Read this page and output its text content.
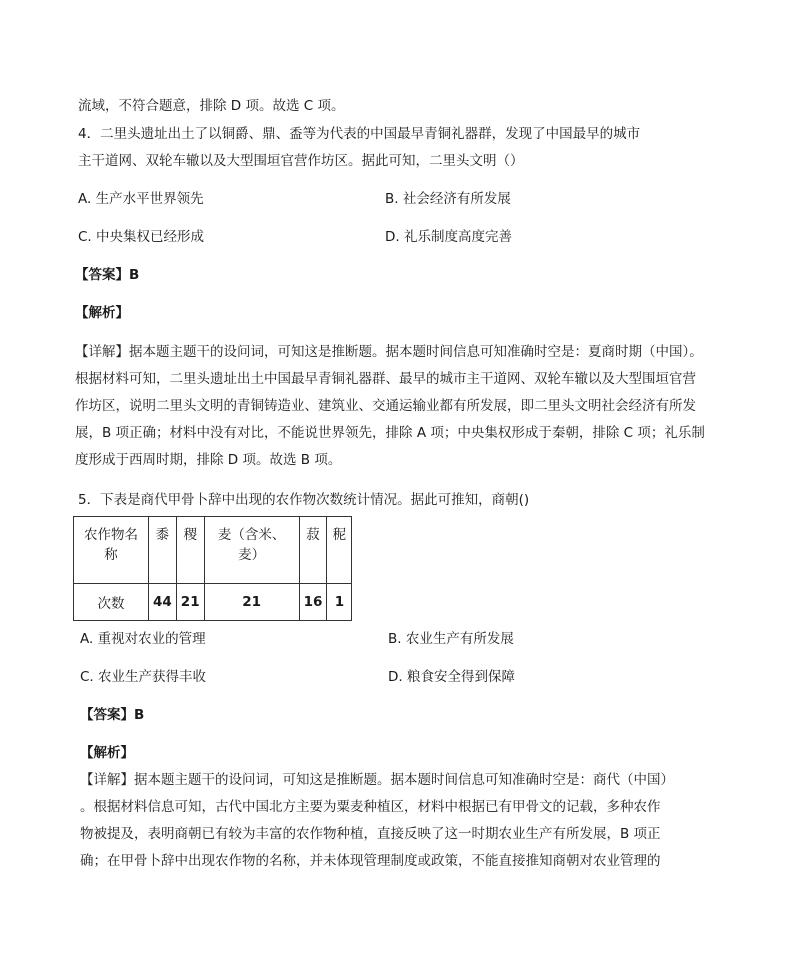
流域，不符合题意，排除 D 项。故选 C 项。
4．二里头遗址出土了以铜爵、鼎、盉等为代表的中国最早青铜礼器群，发现了中国最早的城市
主干道网、双轮车辙以及大型围垣官营作坊区。据此可知，二里头文明（）
A. 生产水平世界领先	B. 社会经济有所发展
C. 中央集权已经形成	D. 礼乐制度高度完善
【答案】B
【解析】
【详解】据本题主题干的设问词，可知这是推断题。据本题时间信息可知准确时空是：夏商时期（中国）。
根据材料可知，二里头遗址出土中国最早青铜礼器群、最早的城市主干道网、双轮车辙以及大型围垣官营
作坊区，说明二里头文明的青铜铸造业、建筑业、交通运输业都有所发展，即二里头文明社会经济有所发
展，B 项正确；材料中没有对比，不能说世界领先，排除 A 项；中央集权形成于秦朝，排除 C 项；礼乐制
度形成于西周时期，排除 D 项。故选 B 项。
5．下表是商代甲骨卜辞中出现的农作物次数统计情况。据此可推知，商朝()
农作物名称	黍	稷	麦（含米、麦）	菽	秜
次数	44	21	21	16	1
A. 重视对农业的管理	B. 农业生产有所发展
C. 农业生产获得丰收	D. 粮食安全得到保障
【答案】B
【解析】
【详解】据本题主题干的设问词，可知这是推断题。据本题时间信息可知准确时空是：商代（中国）
。根据材料信息可知，古代中国北方主要为粟麦种植区，材料中根据已有甲骨文的记载，多种农作
物被提及，表明商朝已有较为丰富的农作物种植，直接反映了这一时期农业生产有所发展，B 项正
确；在甲骨卜辞中出现农作物的名称，并未体现管理制度或政策，不能直接推知商朝对农业管理的
